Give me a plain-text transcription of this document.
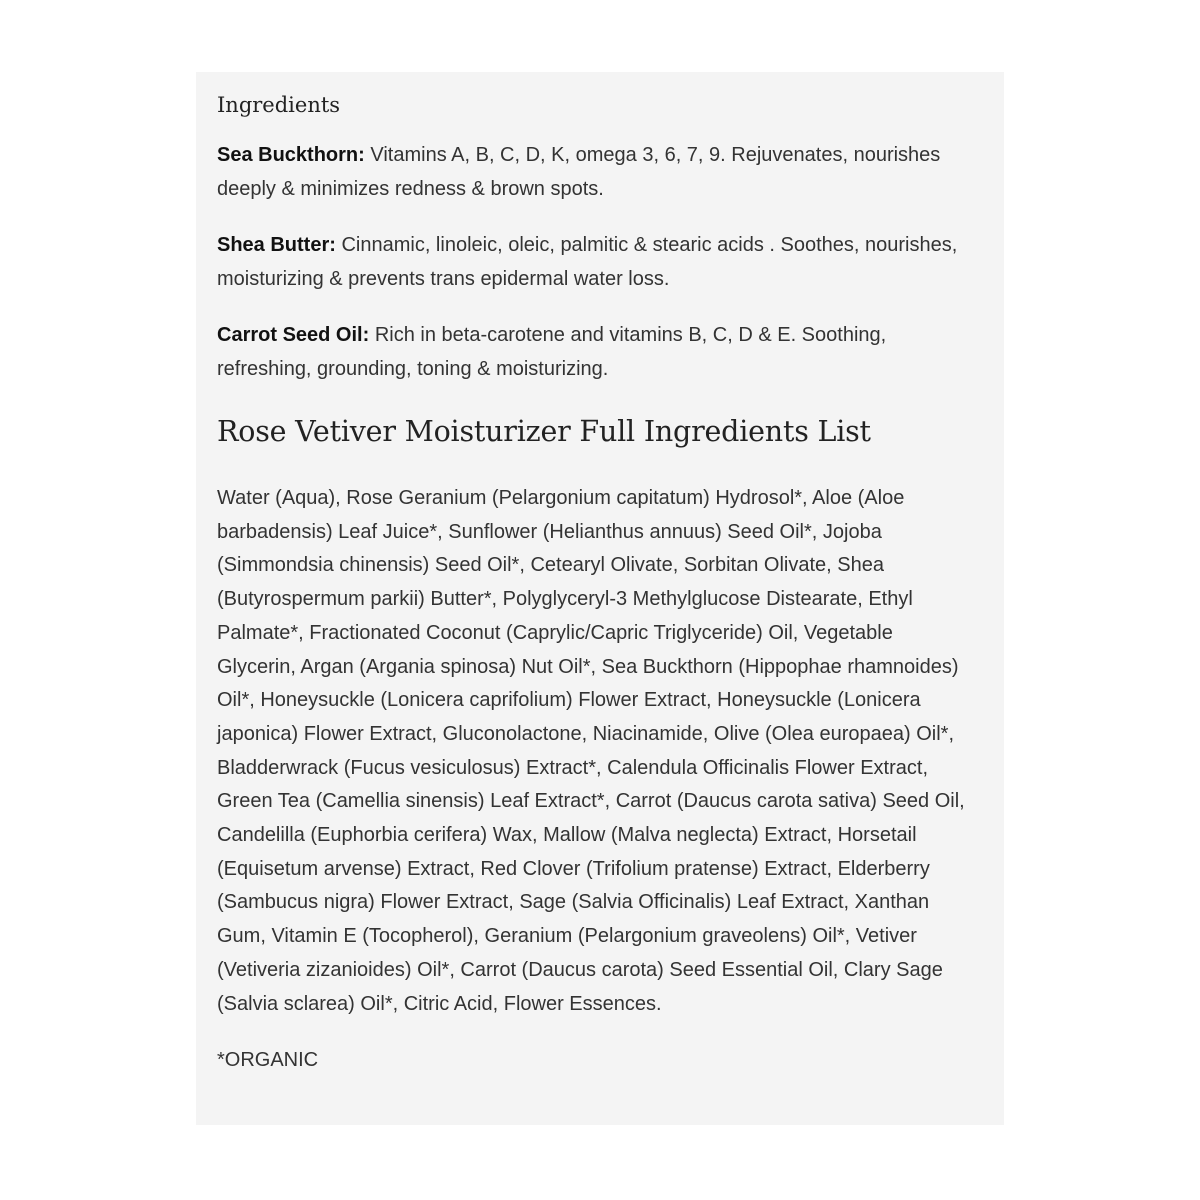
Ingredients

Sea Buckthorn: Vitamins A, B, C, D, K, omega 3, 6, 7, 9. Rejuvenates, nourishes deeply & minimizes redness & brown spots.

Shea Butter: Cinnamic, linoleic, oleic, palmitic & stearic acids . Soothes, nourishes, moisturizing & prevents trans epidermal water loss.

Carrot Seed Oil: Rich in beta-carotene and vitamins B, C, D & E. Soothing, refreshing, grounding, toning & moisturizing.

Rose Vetiver Moisturizer Full Ingredients List

Water (Aqua), Rose Geranium (Pelargonium capitatum) Hydrosol*, Aloe (Aloe barbadensis) Leaf Juice*, Sunflower (Helianthus annuus) Seed Oil*, Jojoba (Simmondsia chinensis) Seed Oil*, Cetearyl Olivate, Sorbitan Olivate, Shea (Butyrospermum parkii) Butter*, Polyglyceryl-3 Methylglucose Distearate, Ethyl Palmate*, Fractionated Coconut (Caprylic/Capric Triglyceride) Oil, Vegetable Glycerin, Argan (Argania spinosa) Nut Oil*, Sea Buckthorn (Hippophae rhamnoides) Oil*, Honeysuckle (Lonicera caprifolium) Flower Extract, Honeysuckle (Lonicera japonica) Flower Extract, Gluconolactone, Niacinamide, Olive (Olea europaea) Oil*, Bladderwrack (Fucus vesiculosus) Extract*, Calendula Officinalis Flower Extract, Green Tea (Camellia sinensis) Leaf Extract*, Carrot (Daucus carota sativa) Seed Oil, Candelilla (Euphorbia cerifera) Wax, Mallow (Malva neglecta) Extract, Horsetail (Equisetum arvense) Extract, Red Clover (Trifolium pratense) Extract, Elderberry (Sambucus nigra) Flower Extract, Sage (Salvia Officinalis) Leaf Extract, Xanthan Gum, Vitamin E (Tocopherol), Geranium (Pelargonium graveolens) Oil*, Vetiver (Vetiveria zizanioides) Oil*, Carrot (Daucus carota) Seed Essential Oil, Clary Sage (Salvia sclarea) Oil*, Citric Acid, Flower Essences.

*ORGANIC
